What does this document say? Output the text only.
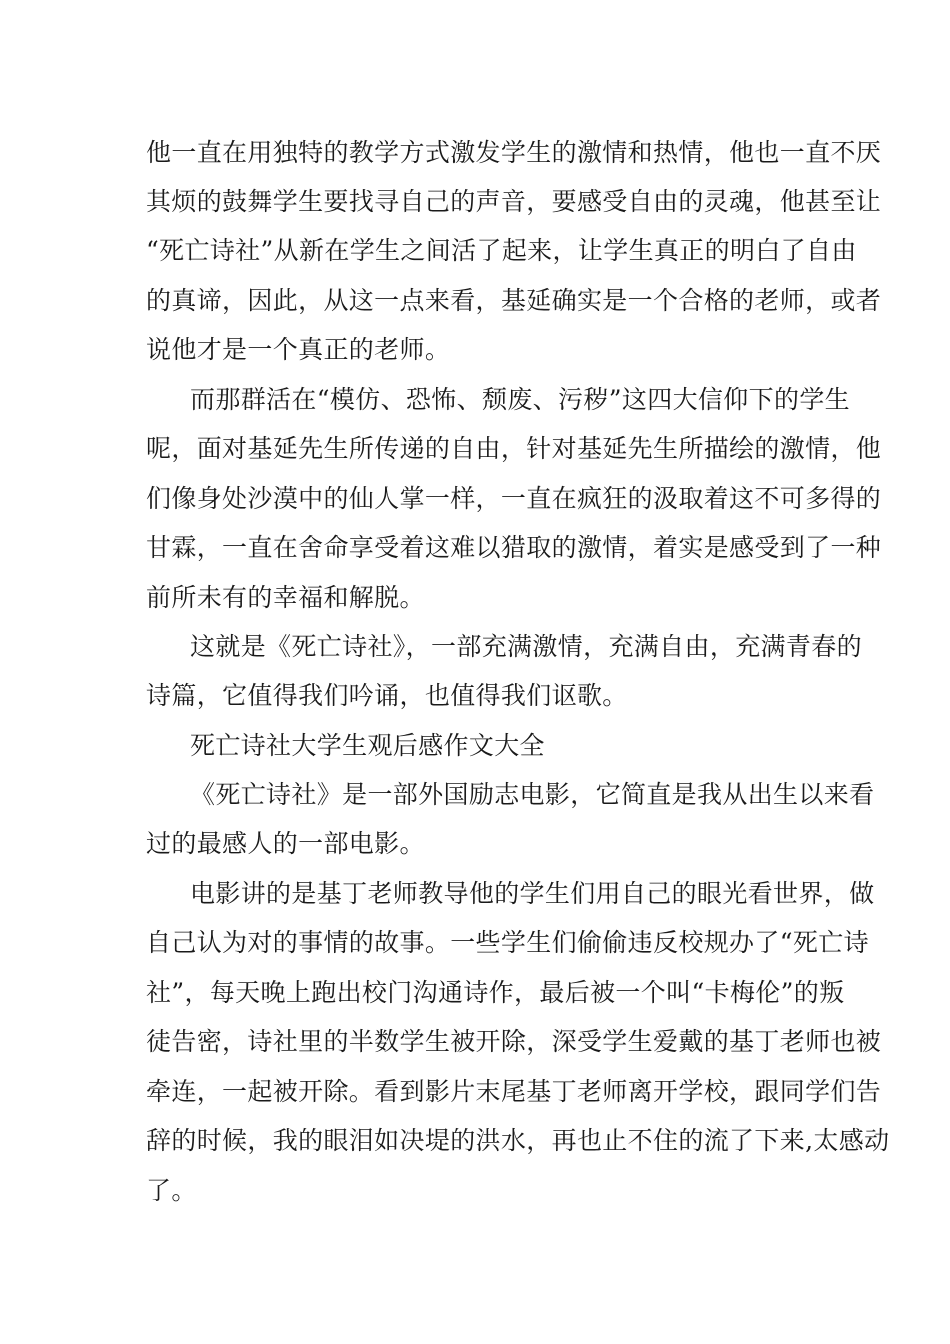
他一直在用独特的教学方式激发学生的激情和热情，他也一直不厌
其烦的鼓舞学生要找寻自己的声音，要感受自由的灵魂，他甚至让
“死亡诗社”从新在学生之间活了起来，让学生真正的明白了自由
的真谛，因此，从这一点来看，基延确实是一个合格的老师，或者
说他才是一个真正的老师。
而那群活在“模仿、恐怖、颓废、污秽”这四大信仰下的学生
呢，面对基延先生所传递的自由，针对基延先生所描绘的激情，他
们像身处沙漠中的仙人掌一样，一直在疯狂的汲取着这不可多得的
甘霖，一直在舍命享受着这难以猎取的激情，着实是感受到了一种
前所未有的幸福和解脱。
这就是《死亡诗社》，一部充满激情，充满自由，充满青春的
诗篇，它值得我们吟诵，也值得我们讴歌。
死亡诗社大学生观后感作文大全
《死亡诗社》是一部外国励志电影，它简直是我从出生以来看
过的最感人的一部电影。
电影讲的是基丁老师教导他的学生们用自己的眼光看世界，做
自己认为对的事情的故事。一些学生们偷偷违反校规办了“死亡诗
社”，每天晚上跑出校门沟通诗作，最后被一个叫“卡梅伦”的叛
徒告密，诗社里的半数学生被开除，深受学生爱戴的基丁老师也被
牵连，一起被开除。看到影片末尾基丁老师离开学校，跟同学们告
辞的时候，我的眼泪如决堤的洪水，再也止不住的流了下来,太感动
了。
